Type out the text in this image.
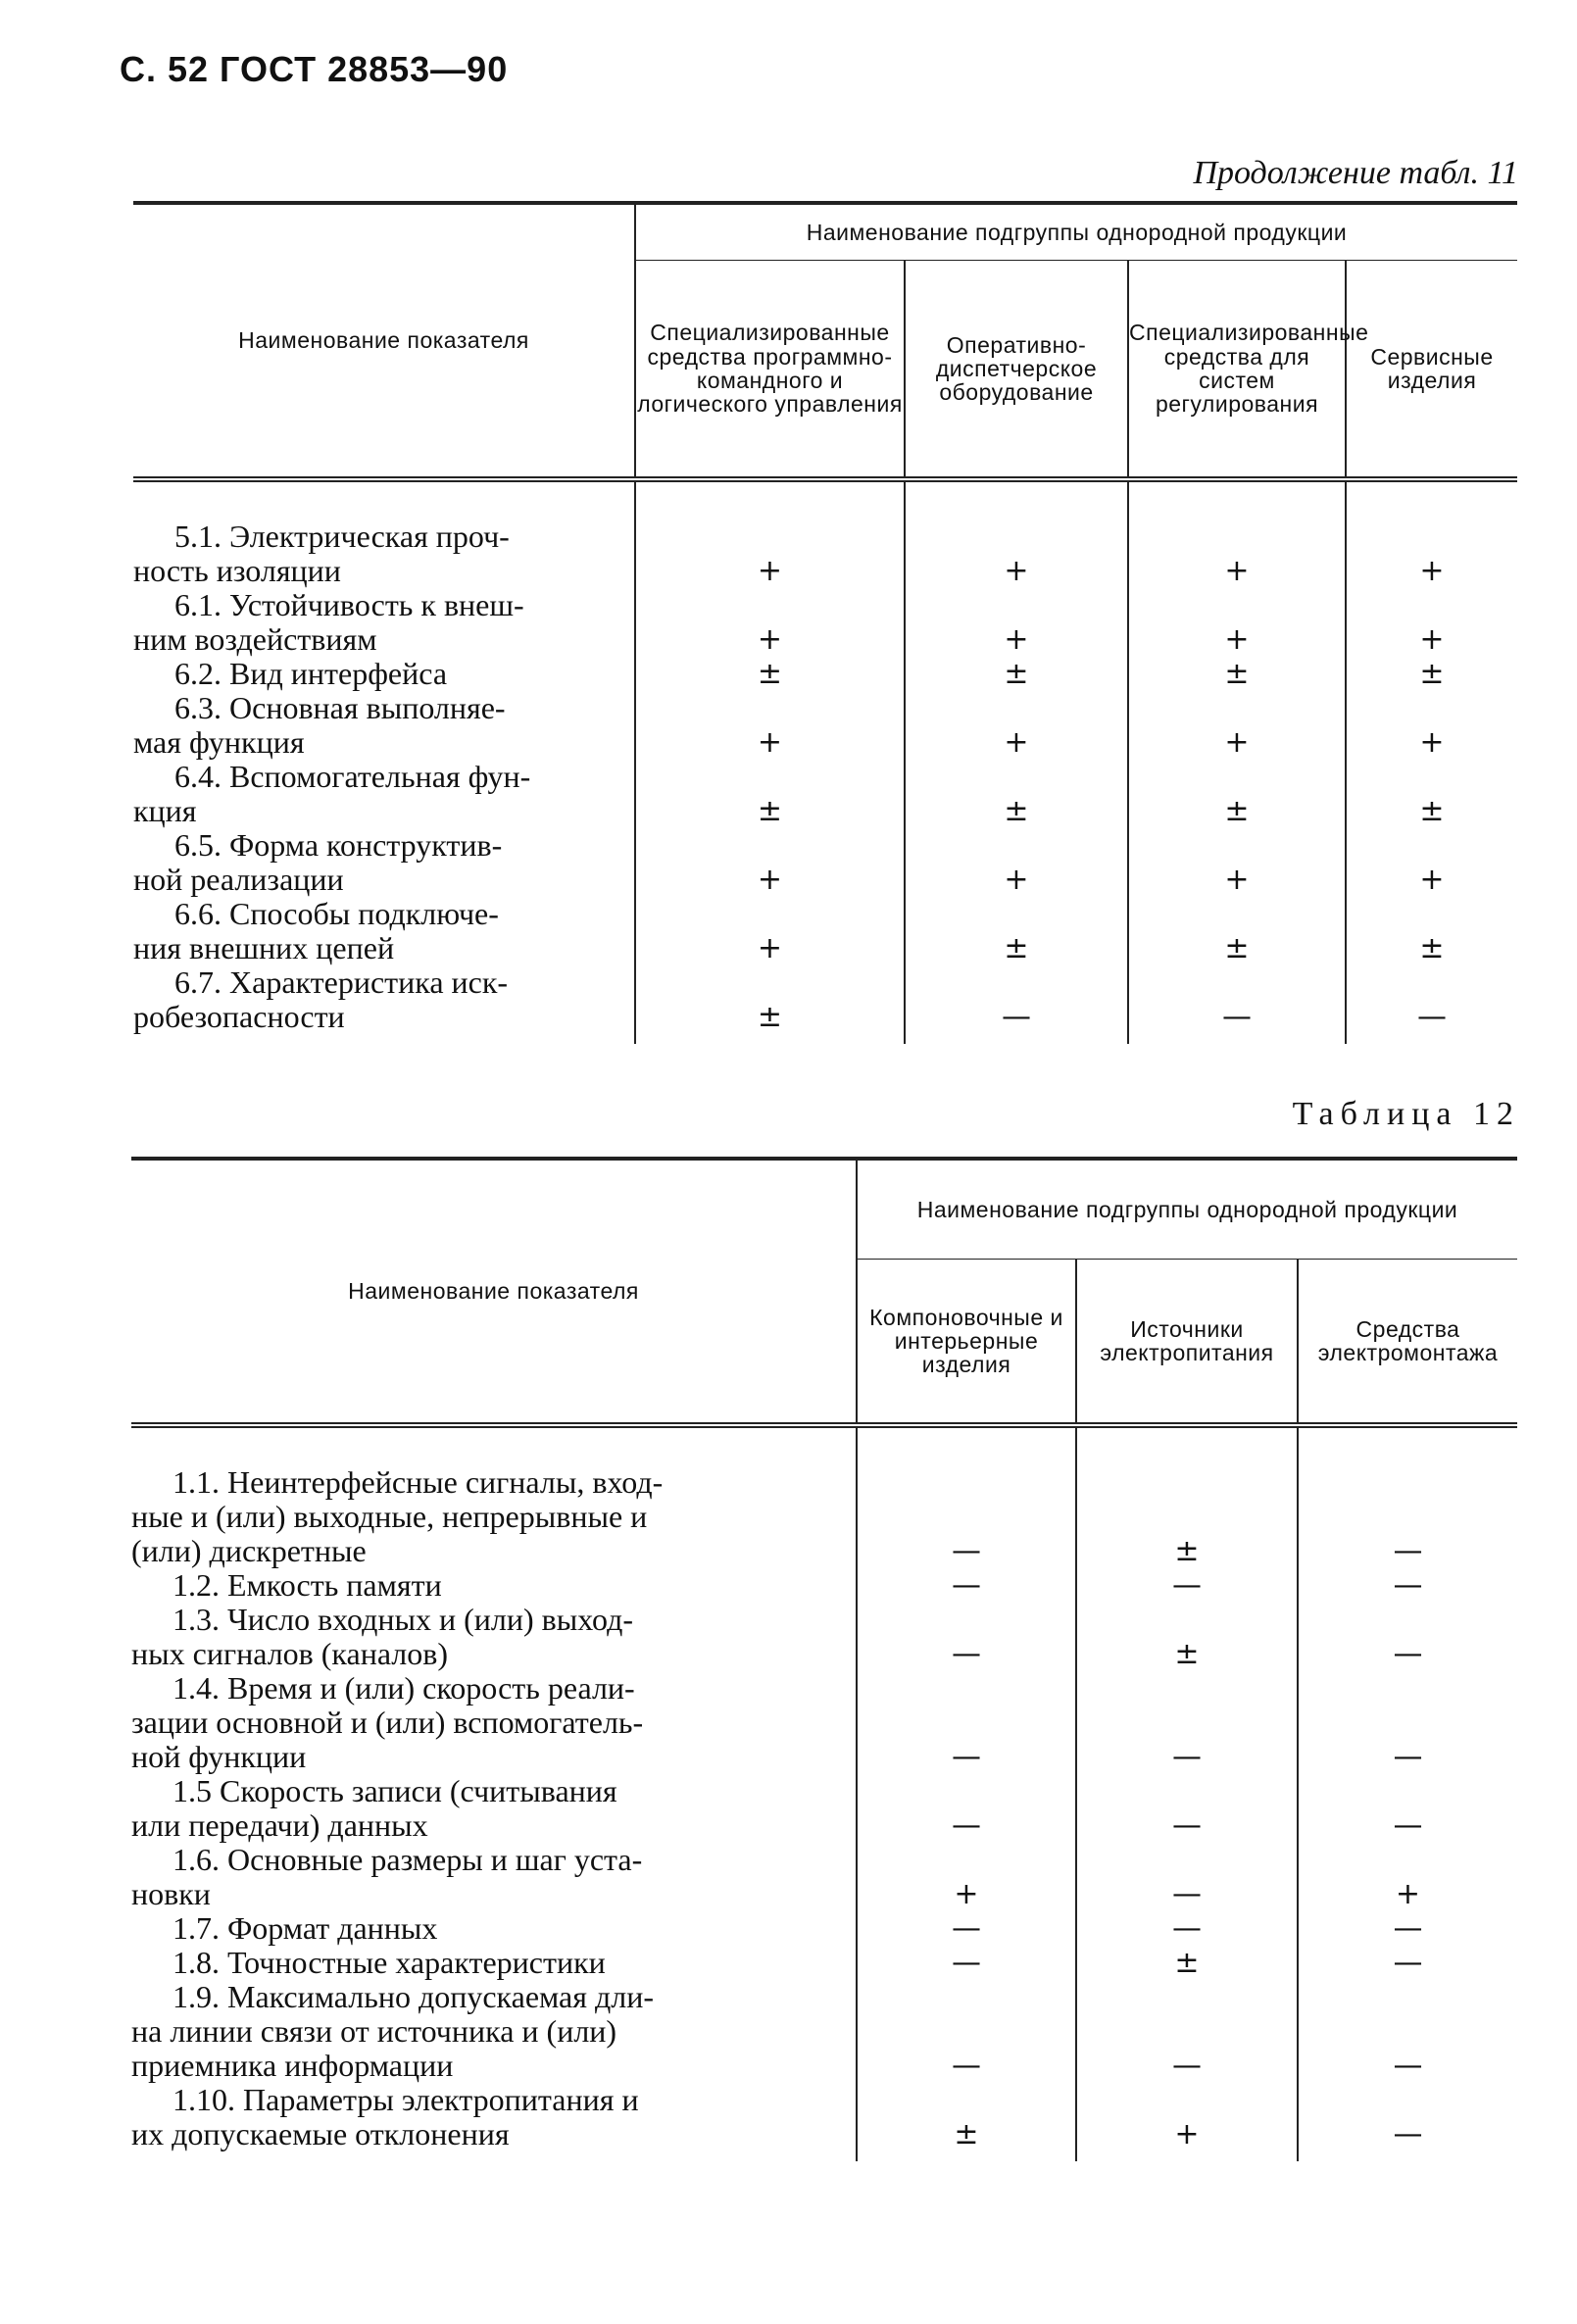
С. 52 ГОСТ 28853—90
Продолжение табл. 11
Наименование показателя	Наименование подгруппы однородной продукции			
	Специализированные средства программно-командного и логического управления	Оперативно-диспетчерское оборудование	Специализированные средства для систем регулирования	Сервисные изделия

5.1. Электрическая проч-
ность изоляции	+	+	+	+

6.1. Устойчивость к внеш-
ним воздействиям	+	+	+	+

6.2. Вид интерфейса	±	±	±	±

6.3. Основная выполняе-
мая функция	+	+	+	+

6.4. Вспомогательная фун-
кция	±	±	±	±

6.5. Форма конструктив-
ной реализации	+	+	+	+

6.6. Способы подключе-
ния внешних цепей	+	±	±	±

6.7. Характеристика иск-
робезопасности	±	—	—	—

Таблица 12
Наименование показателя	Наименование подгруппы однородной продукции		
	Компоновочные и интерьерные изделия	Источники электропитания	Средства электромонтажа

1.1. Неинтерфейсные сигналы, вход-
ные и (или) выходные, непрерывные и
(или) дискретные	—	±	—

1.2. Емкость памяти	—	—	—

1.3. Число входных и (или) выход-
ных сигналов (каналов)	—	±	—

1.4. Время и (или) скорость реали-
зации основной и (или) вспомогатель-
ной функции	—	—	—

1.5 Скорость записи (считывания
или передачи) данных	—	—	—

1.6. Основные размеры и шаг уста-
новки	+	—	+

1.7. Формат данных	—	—	—

1.8. Точностные характеристики	—	±	—

1.9. Максимально допускаемая дли-
на линии связи от источника и (или)
приемника информации	—	—	—

1.10. Параметры электропитания и
их допускаемые отклонения	±	+	—
